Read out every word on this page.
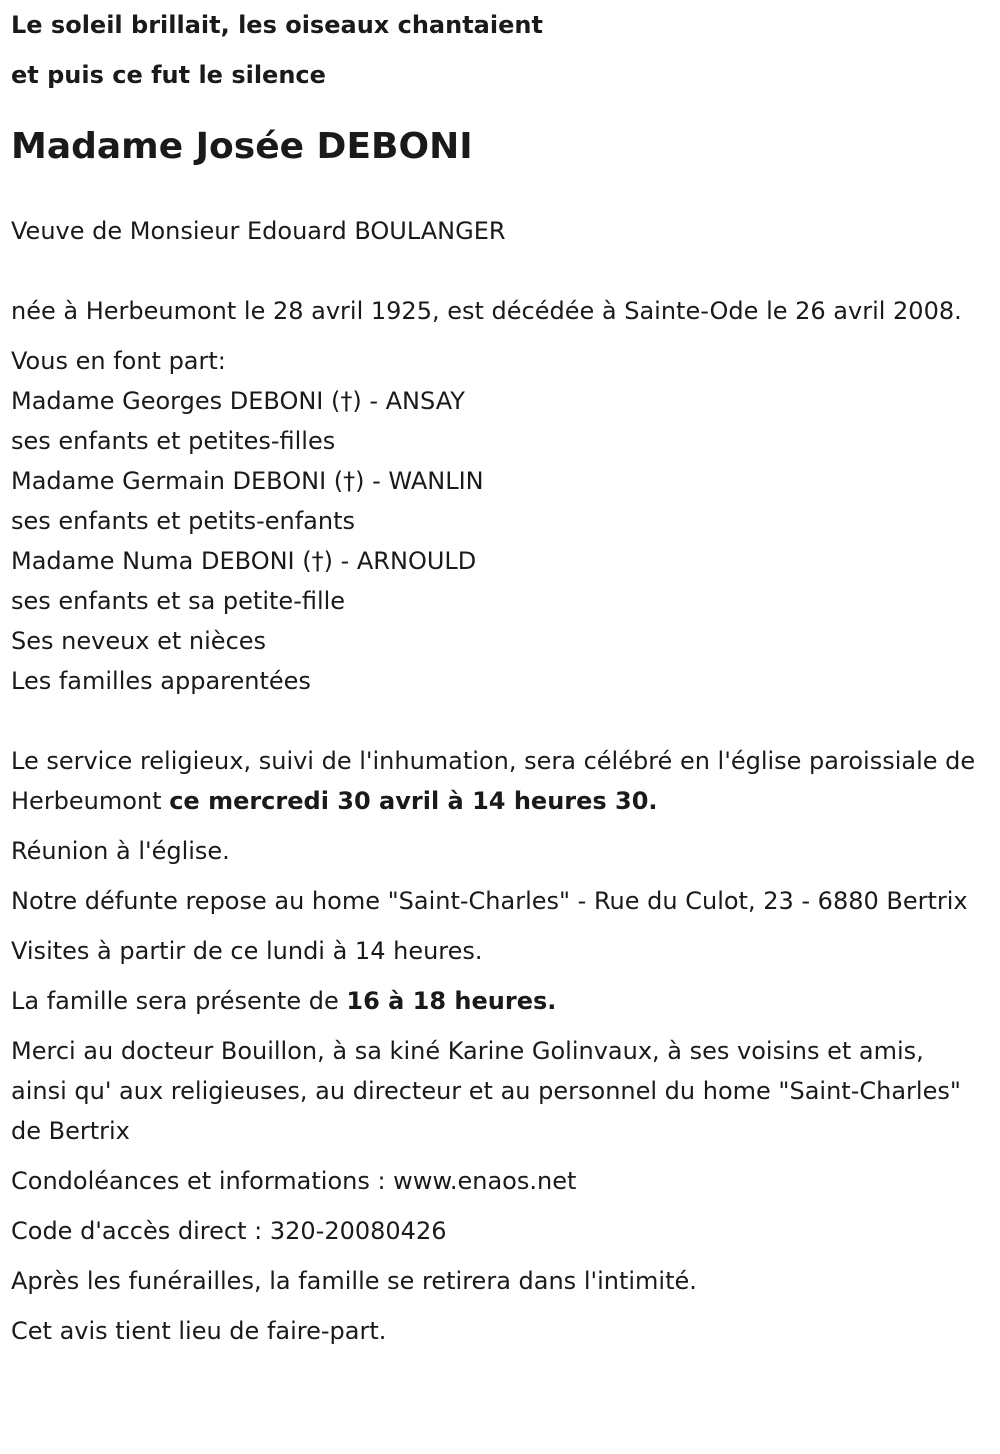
Le soleil brillait, les oiseaux chantaient
et puis ce fut le silence
Madame Josée DEBONI
Veuve de Monsieur Edouard BOULANGER
née à Herbeumont le 28 avril 1925, est décédée à Sainte-Ode le 26 avril 2008.
Vous en font part:
Madame Georges DEBONI (†) - ANSAY
ses enfants et petites-filles
Madame Germain DEBONI (†) - WANLIN
ses enfants et petits-enfants
Madame Numa DEBONI (†) - ARNOULD
ses enfants et sa petite-fille
Ses neveux et nièces
Les familles apparentées
Le service religieux, suivi de l'inhumation, sera célébré en l'église paroissiale de Herbeumont ce mercredi 30 avril à 14 heures 30.
Réunion à l'église.
Notre défunte repose au home "Saint-Charles" - Rue du Culot, 23 - 6880 Bertrix
Visites à partir de ce lundi à 14 heures.
La famille sera présente de 16 à 18 heures.
Merci au docteur Bouillon, à sa kiné Karine Golinvaux, à ses voisins et amis, ainsi qu' aux religieuses, au directeur et au personnel du home "Saint-Charles" de Bertrix
Condoléances et informations : www.enaos.net
Code d'accès direct : 320-20080426
Après les funérailles, la famille se retirera dans l'intimité.
Cet avis tient lieu de faire-part.
